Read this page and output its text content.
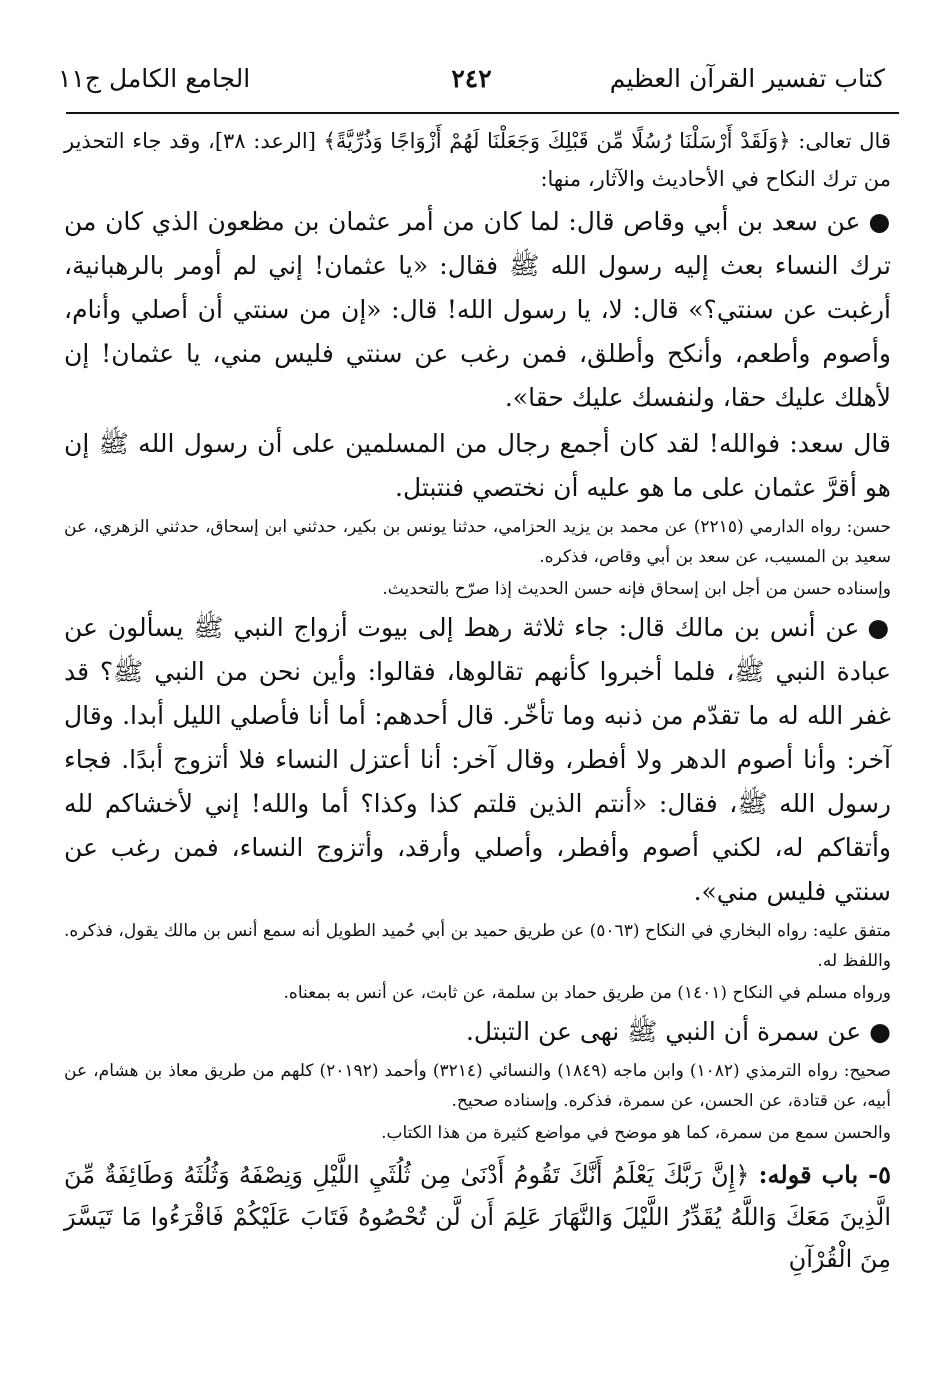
كتاب تفسير القرآن العظيم
٢٤٢
الجامع الكامل ج١١

قال تعالى: ﴿وَلَقَدْ أَرْسَلْنَا رُسُلًا مِّن قَبْلِكَ وَجَعَلْنَا لَهُمْ أَزْوَاجًا وَذُرِّيَّةً﴾ [الرعد: ٣٨]، وقد جاء التحذير من ترك النكاح في الأحاديث والآثار، منها:

●عن سعد بن أبي وقاص قال: لما كان من أمر عثمان بن مظعون الذي كان من ترك النساء بعث إليه رسول الله ﷺ فقال: «يا عثمان! إني لم أومر بالرهبانية، أرغبت عن سنتي؟» قال: لا، يا رسول الله! قال: «إن من سنتي أن أصلي وأنام، وأصوم وأطعم، وأنكح وأطلق، فمن رغب عن سنتي فليس مني، يا عثمان! إن لأهلك عليك حقا، ولنفسك عليك حقا».

قال سعد: فوالله! لقد كان أجمع رجال من المسلمين على أن رسول الله ﷺ إن هو أقرَّ عثمان على ما هو عليه أن نختصي فنتبتل.

حسن: رواه الدارمي (٢٢١٥) عن محمد بن يزيد الحزامي، حدثنا يونس بن بكير، حدثني ابن إسحاق، حدثني الزهري، عن سعيد بن المسيب، عن سعد بن أبي وقاص، فذكره.

وإسناده حسن من أجل ابن إسحاق فإنه حسن الحديث إذا صرّح بالتحديث.

●عن أنس بن مالك قال: جاء ثلاثة رهط إلى بيوت أزواج النبي ﷺ يسألون عن عبادة النبي ﷺ، فلما أخبروا كأنهم تقالوها، فقالوا: وأين نحن من النبي ﷺ؟ قد غفر الله له ما تقدّم من ذنبه وما تأخّر. قال أحدهم: أما أنا فأصلي الليل أبدا. وقال آخر: وأنا أصوم الدهر ولا أفطر، وقال آخر: أنا أعتزل النساء فلا أتزوج أبدًا. فجاء رسول الله ﷺ، فقال: «أنتم الذين قلتم كذا وكذا؟ أما والله! إني لأخشاكم لله وأتقاكم له، لكني أصوم وأفطر، وأصلي وأرقد، وأتزوج النساء، فمن رغب عن سنتي فليس مني».

متفق عليه: رواه البخاري في النكاح (٥٠٦٣) عن طريق حميد بن أبي حُميد الطويل أنه سمع أنس بن مالك يقول، فذكره. واللفظ له.

ورواه مسلم في النكاح (١٤٠١) من طريق حماد بن سلمة، عن ثابت، عن أنس به بمعناه.

●عن سمرة أن النبي ﷺ نهى عن التبتل.

صحيح: رواه الترمذي (١٠٨٢) وابن ماجه (١٨٤٩) والنسائي (٣٢١٤) وأحمد (٢٠١٩٢) كلهم من طريق معاذ بن هشام، عن أبيه، عن قتادة، عن الحسن، عن سمرة، فذكره. وإسناده صحيح.

والحسن سمع من سمرة، كما هو موضح في مواضع كثيرة من هذا الكتاب.

٥- باب قوله: ﴿إِنَّ رَبَّكَ يَعْلَمُ أَنَّكَ تَقُومُ أَدْنَىٰ مِن ثُلُثَيِ اللَّيْلِ وَنِصْفَهُ وَثُلُثَهُ وَطَائِفَةٌ مِّنَ الَّذِينَ مَعَكَ وَاللَّهُ يُقَدِّرُ اللَّيْلَ وَالنَّهَارَ عَلِمَ أَن لَّن تُحْصُوهُ فَتَابَ عَلَيْكُمْ فَاقْرَءُوا مَا تَيَسَّرَ مِنَ الْقُرْآنِ
